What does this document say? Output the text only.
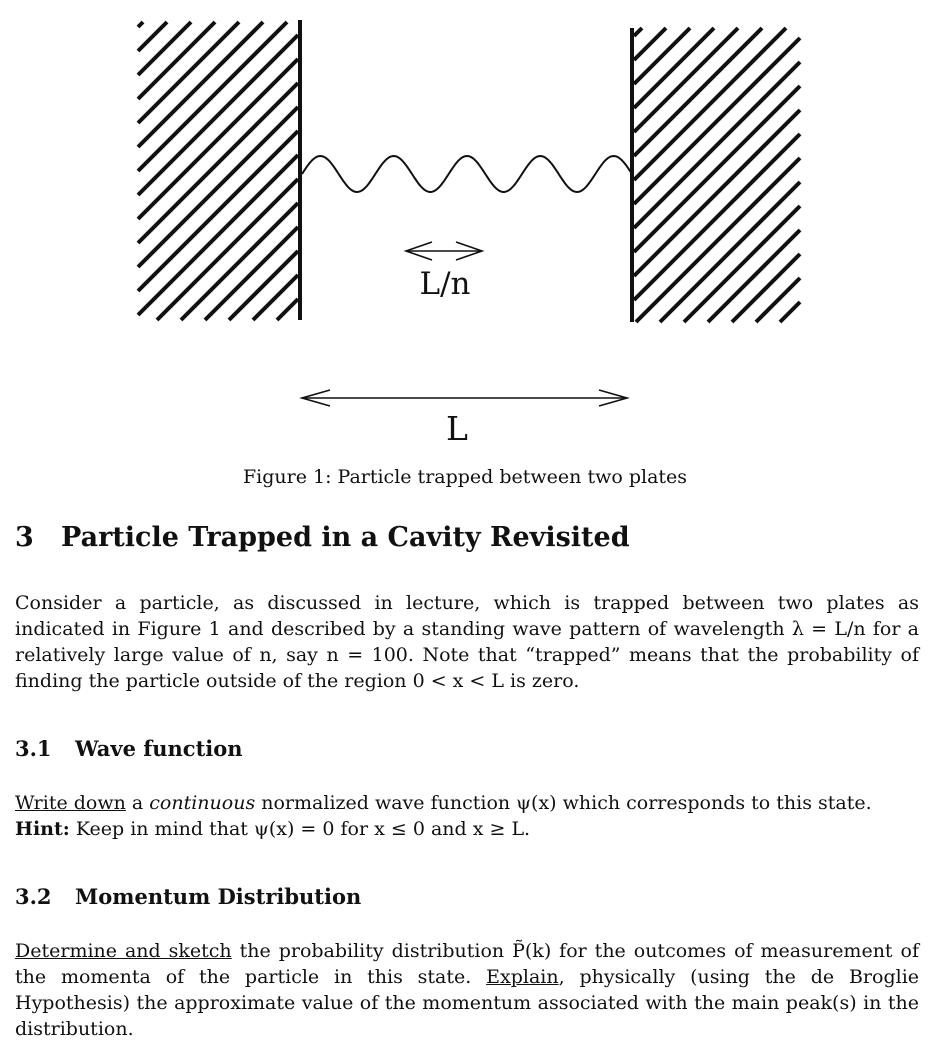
L/n
L
Figure 1: Particle trapped between two plates
3 Particle Trapped in a Cavity Revisited
Consider a particle, as discussed in lecture, which is trapped between two plates as indicated in Figure 1 and described by a standing wave pattern of wavelength λ = L/n for a relatively large value of n, say n = 100. Note that “trapped” means that the probability of finding the particle outside of the region 0 < x < L is zero.
3.1 Wave function
Write down a continuous normalized wave function ψ(x) which corresponds to this state.
Hint: Keep in mind that ψ(x) = 0 for x ≤ 0 and x ≥ L.
3.2 Momentum Distribution
Determine and sketch the probability distribution P̃(k) for the outcomes of measurement of the momenta of the particle in this state. Explain, physically (using the de Broglie Hypothesis) the approximate value of the momentum associated with the main peak(s) in the distribution.
